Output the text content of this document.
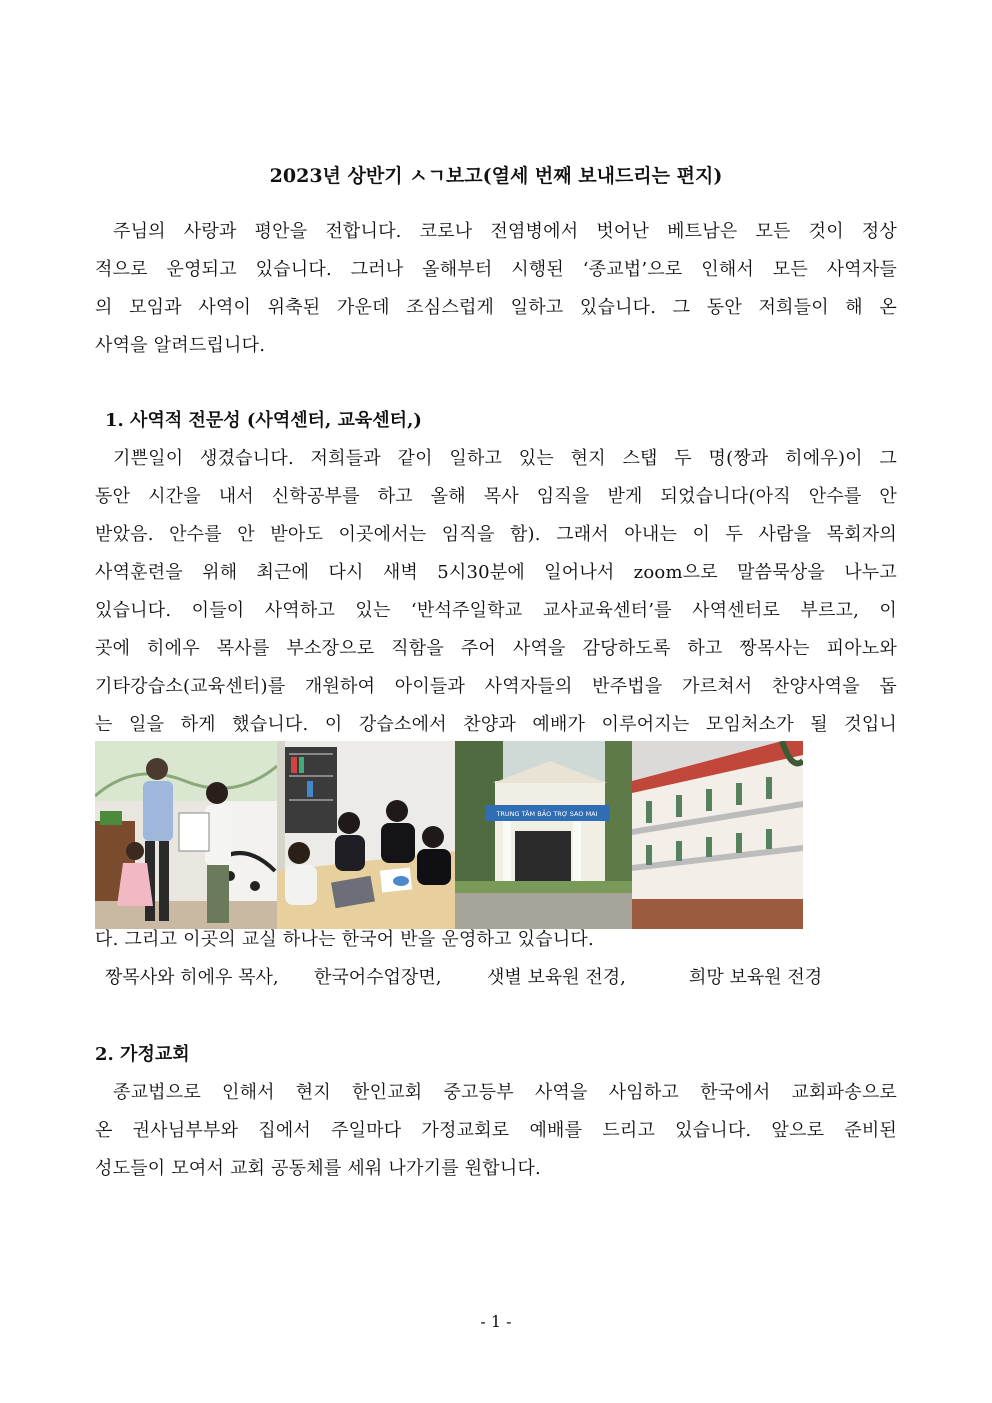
2023년 상반기 ㅅㄱ보고(열세 번째 보내드리는 편지)
주님의 사랑과 평안을 전합니다. 코로나 전염병에서 벗어난 베트남은 모든 것이 정상
적으로 운영되고 있습니다. 그러나 올해부터 시행된 ‘종교법’으로 인해서 모든 사역자들
의 모임과 사역이 위축된 가운데 조심스럽게 일하고 있습니다. 그 동안 저희들이 해 온
사역을 알려드립니다.
1. 사역적 전문성 (사역센터, 교육센터,)
기쁜일이 생겼습니다. 저희들과 같이 일하고 있는 현지 스탭 두 명(짱과 히에우)이 그
동안 시간을 내서 신학공부를 하고 올해 목사 임직을 받게 되었습니다(아직 안수를 안
받았음. 안수를 안 받아도 이곳에서는 임직을 함). 그래서 아내는 이 두 사람을 목회자의
사역훈련을 위해 최근에 다시 새벽 5시30분에 일어나서 zoom으로 말씀묵상을 나누고
있습니다. 이들이 사역하고 있는 ‘반석주일학교 교사교육센터’를 사역센터로 부르고, 이
곳에 히에우 목사를 부소장으로 직함을 주어 사역을 감당하도록 하고 짱목사는 피아노와
기타강습소(교육센터)를 개원하여 아이들과 사역자들의 반주법을 가르쳐서 찬양사역을 돕
는 일을 하게 했습니다. 이 강습소에서 찬양과 예배가 이루어지는 모임처소가 될 것입니
TRUNG TÂM BẢO TRỢ SAO MAI
다. 그리고 이곳의 교실 하나는 한국어 반을 운영하고 있습니다.
짱목사와 히에우 목사, 한국어수업장면,	샛별 보육원 전경,	희망 보육원 전경
2. 가정교회
종교법으로 인해서 현지 한인교회 중고등부 사역을 사임하고 한국에서 교회파송으로
온 권사님부부와 집에서 주일마다 가정교회로 예배를 드리고 있습니다. 앞으로 준비된
성도들이 모여서 교회 공동체를 세워 나가기를 원합니다.
- 1 -
